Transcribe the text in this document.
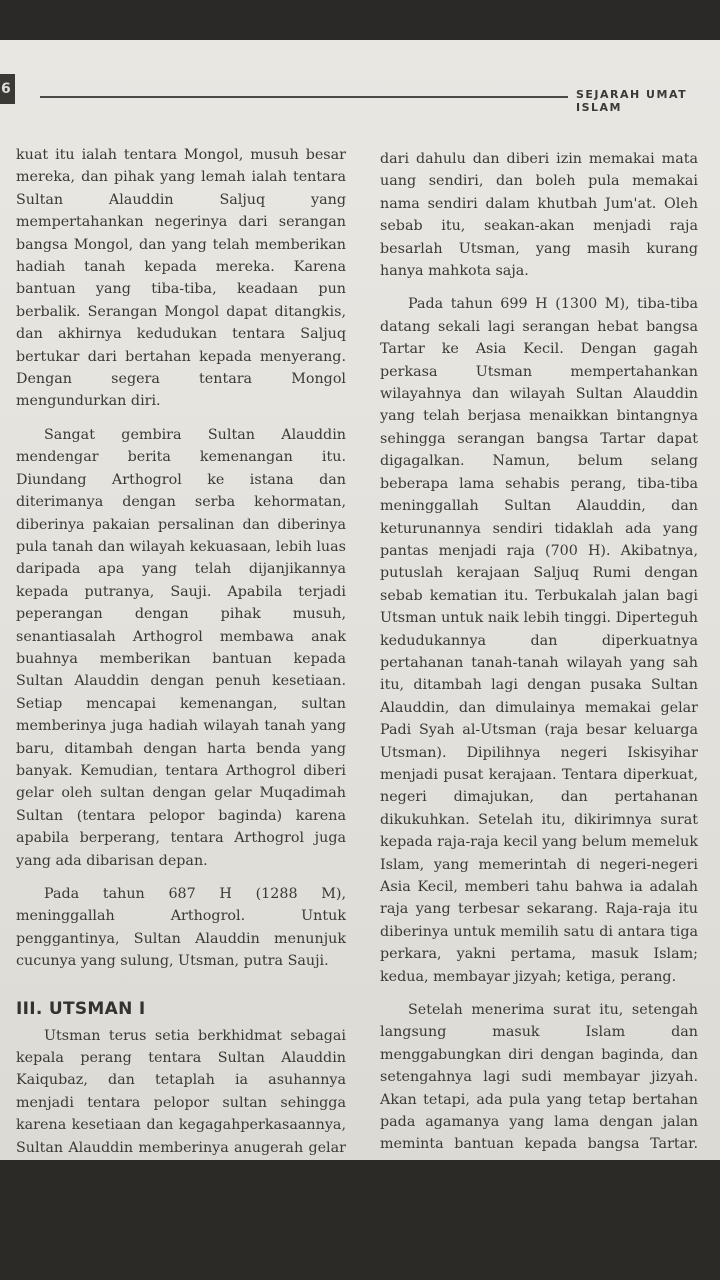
6	SEJARAH UMAT ISLAM

kuat itu ialah tentara Mongol, musuh besar mereka, dan pihak yang lemah ialah tentara Sultan Alauddin Saljuq yang mempertahankan negerinya dari serangan bangsa Mongol, dan yang telah memberikan hadiah tanah kepada mereka. Karena bantuan yang tiba-tiba, keadaan pun berbalik. Serangan Mongol dapat ditangkis, dan akhirnya kedudukan tentara Saljuq bertukar dari bertahan kepada menyerang. Dengan segera tentara Mongol mengundurkan diri.

Sangat gembira Sultan Alauddin mendengar berita kemenangan itu. Diundang Arthogrol ke istana dan diterimanya dengan serba kehormatan, diberinya pakaian persalinan dan diberinya pula tanah dan wilayah kekuasaan, lebih luas daripada apa yang telah dijanjikannya kepada putranya, Sauji. Apabila terjadi peperangan dengan pihak musuh, senantiasalah Arthogrol membawa anak buahnya memberikan bantuan kepada Sultan Alauddin dengan penuh kesetiaan. Setiap mencapai kemenangan, sultan memberinya juga hadiah wilayah tanah yang baru, ditambah dengan harta benda yang banyak. Kemudian, tentara Arthogrol diberi gelar oleh sultan dengan gelar Muqadimah Sultan (tentara pelopor baginda) karena apabila berperang, tentara Arthogrol juga yang ada dibarisan depan.

Pada tahun 687 H (1288 M), meninggallah Arthogrol. Untuk penggantinya, Sultan Alauddin menunjuk cucunya yang sulung, Utsman, putra Sauji.

III. UTSMAN I

Utsman terus setia berkhidmat sebagai kepala perang tentara Sultan Alauddin Kaiqubaz, dan tetaplah ia asuhannya menjadi tentara pelopor sultan sehingga karena kesetiaan dan kegagahperkasaannya, Sultan Alauddin memberinya anugerah gelar

dari dahulu dan diberi izin memakai mata uang sendiri, dan boleh pula memakai nama sendiri dalam khutbah Jum'at. Oleh sebab itu, seakan-akan menjadi raja besarlah Utsman, yang masih kurang hanya mahkota saja.

Pada tahun 699 H (1300 M), tiba-tiba datang sekali lagi serangan hebat bangsa Tartar ke Asia Kecil. Dengan gagah perkasa Utsman mempertahankan wilayahnya dan wilayah Sultan Alauddin yang telah berjasa menaikkan bintangnya sehingga serangan bangsa Tartar dapat digagalkan. Namun, belum selang beberapa lama sehabis perang, tiba-tiba meninggallah Sultan Alauddin, dan keturunannya sendiri tidaklah ada yang pantas menjadi raja (700 H). Akibatnya, putuslah kerajaan Saljuq Rumi dengan sebab kematian itu. Terbukalah jalan bagi Utsman untuk naik lebih tinggi. Diperteguh kedudukannya dan diperkuatnya pertahanan tanah-tanah wilayah yang sah itu, ditambah lagi dengan pusaka Sultan Alauddin, dan dimulainya memakai gelar Padi Syah al-Utsman (raja besar keluarga Utsman). Dipilihnya negeri Iskisyihar menjadi pusat kerajaan. Tentara diperkuat, negeri dimajukan, dan pertahanan dikukuhkan. Setelah itu, dikirimnya surat kepada raja-raja kecil yang belum memeluk Islam, yang memerintah di negeri-negeri Asia Kecil, memberi tahu bahwa ia adalah raja yang terbesar sekarang. Raja-raja itu diberinya untuk memilih satu di antara tiga perkara, yakni pertama, masuk Islam; kedua, membayar jizyah; ketiga, perang.

Setelah menerima surat itu, setengah langsung masuk Islam dan menggabungkan diri dengan baginda, dan setengahnya lagi sudi membayar jizyah. Akan tetapi, ada pula yang tetap bertahan pada agamanya yang lama dengan jalan meminta bantuan kepada bangsa Tartar.
